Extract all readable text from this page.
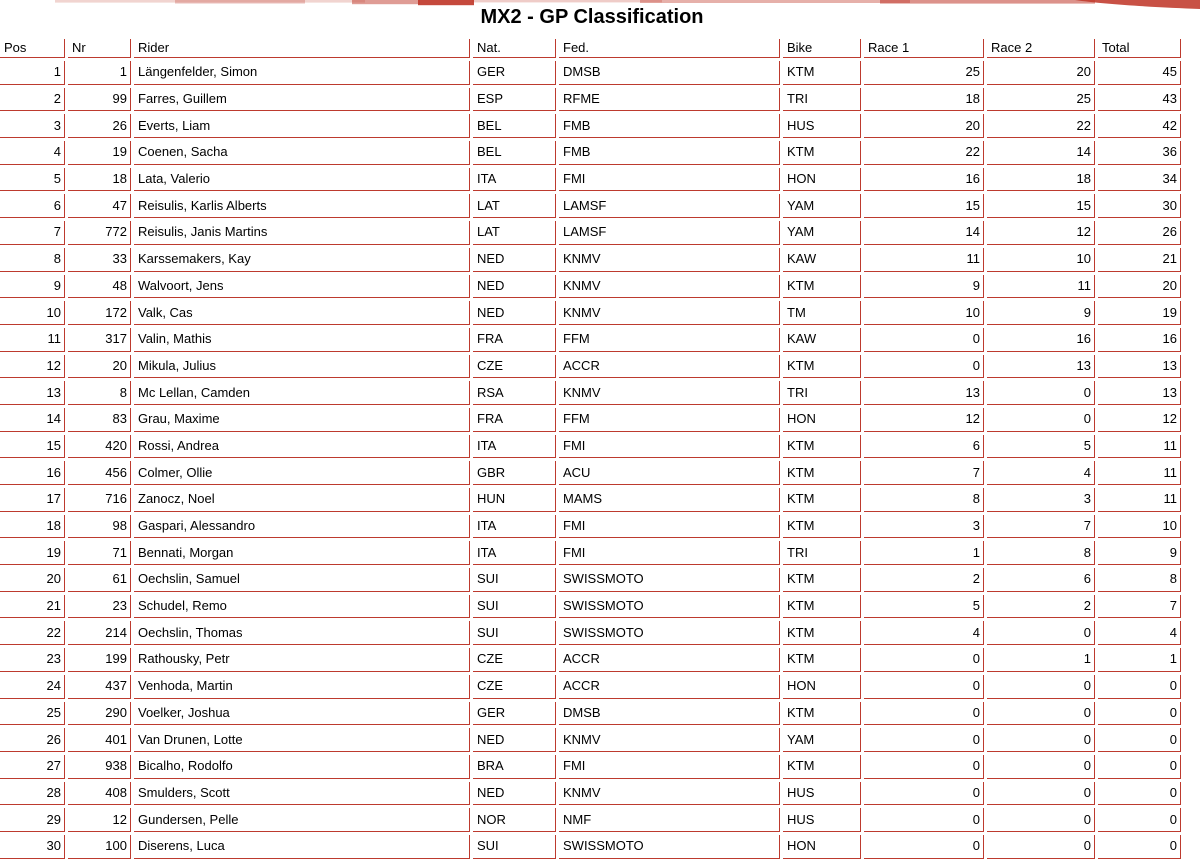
MX2 - GP Classification
Pos	Nr	Rider	Nat.	Fed.	Bike	Race 1	Race 2	Total
1	1	Längenfelder, Simon	GER	DMSB	KTM	25	20	45
2	99	Farres, Guillem	ESP	RFME	TRI	18	25	43
3	26	Everts, Liam	BEL	FMB	HUS	20	22	42
4	19	Coenen, Sacha	BEL	FMB	KTM	22	14	36
5	18	Lata, Valerio	ITA	FMI	HON	16	18	34
6	47	Reisulis, Karlis Alberts	LAT	LAMSF	YAM	15	15	30
7	772	Reisulis, Janis Martins	LAT	LAMSF	YAM	14	12	26
8	33	Karssemakers, Kay	NED	KNMV	KAW	11	10	21
9	48	Walvoort, Jens	NED	KNMV	KTM	9	11	20
10	172	Valk, Cas	NED	KNMV	TM	10	9	19
11	317	Valin, Mathis	FRA	FFM	KAW	0	16	16
12	20	Mikula, Julius	CZE	ACCR	KTM	0	13	13
13	8	Mc Lellan, Camden	RSA	KNMV	TRI	13	0	13
14	83	Grau, Maxime	FRA	FFM	HON	12	0	12
15	420	Rossi, Andrea	ITA	FMI	KTM	6	5	11
16	456	Colmer, Ollie	GBR	ACU	KTM	7	4	11
17	716	Zanocz, Noel	HUN	MAMS	KTM	8	3	11
18	98	Gaspari, Alessandro	ITA	FMI	KTM	3	7	10
19	71	Bennati, Morgan	ITA	FMI	TRI	1	8	9
20	61	Oechslin, Samuel	SUI	SWISSMOTO	KTM	2	6	8
21	23	Schudel, Remo	SUI	SWISSMOTO	KTM	5	2	7
22	214	Oechslin, Thomas	SUI	SWISSMOTO	KTM	4	0	4
23	199	Rathousky, Petr	CZE	ACCR	KTM	0	1	1
24	437	Venhoda, Martin	CZE	ACCR	HON	0	0	0
25	290	Voelker, Joshua	GER	DMSB	KTM	0	0	0
26	401	Van Drunen, Lotte	NED	KNMV	YAM	0	0	0
27	938	Bicalho, Rodolfo	BRA	FMI	KTM	0	0	0
28	408	Smulders, Scott	NED	KNMV	HUS	0	0	0
29	12	Gundersen, Pelle	NOR	NMF	HUS	0	0	0
30	100	Diserens, Luca	SUI	SWISSMOTO	HON	0	0	0
